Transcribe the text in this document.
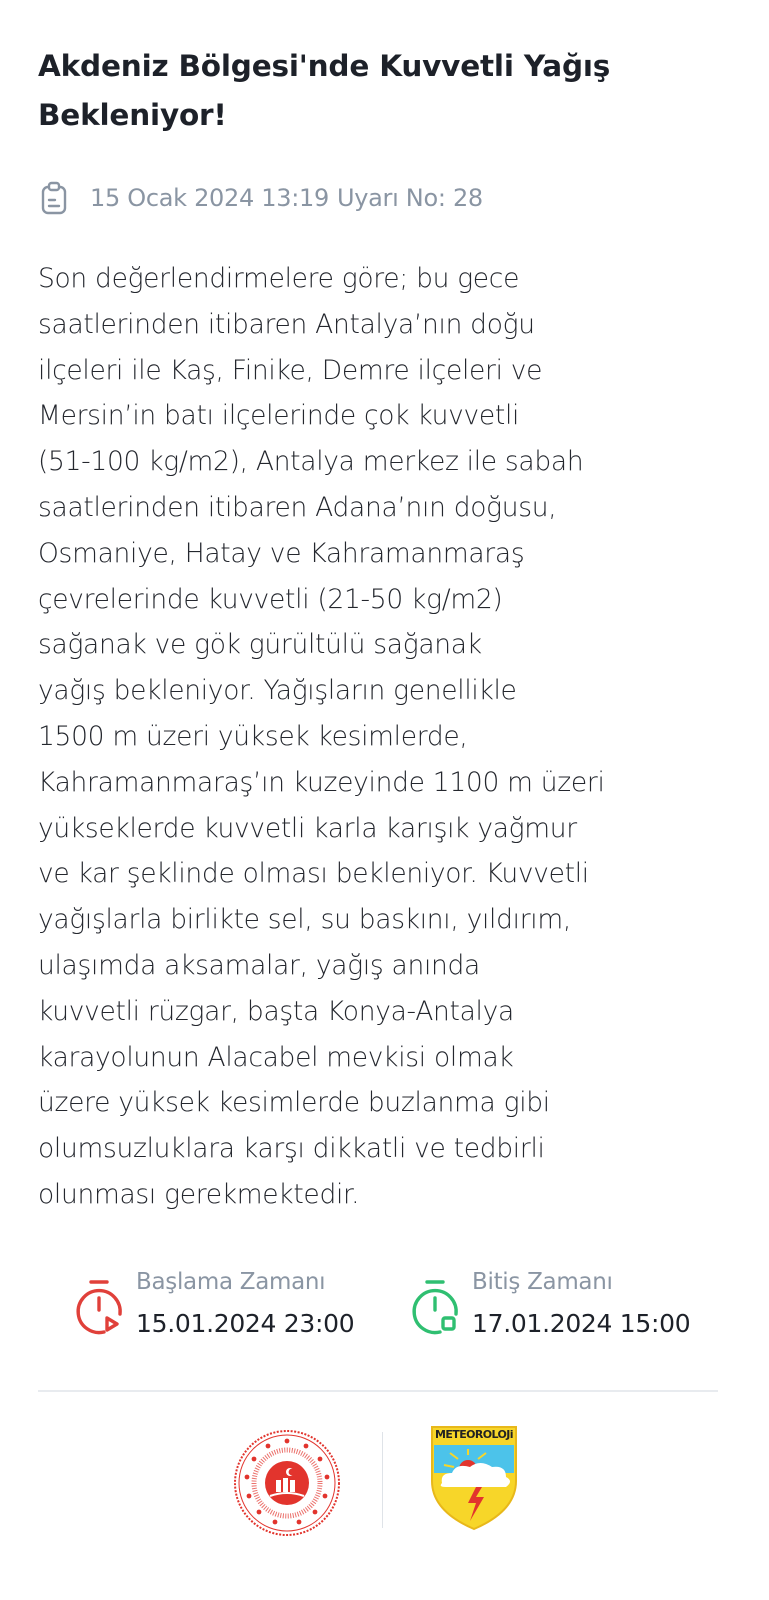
Akdeniz Bölgesi'nde Kuvvetli Yağış
Bekleniyor!
15 Ocak 2024 13:19 Uyarı No: 28
Son değerlendirmelere göre; bu gece
saatlerinden itibaren Antalya’nın doğu
ilçeleri ile Kaş, Finike, Demre ilçeleri ve
Mersin’in batı ilçelerinde çok kuvvetli
(51-100 kg/m2), Antalya merkez ile sabah
saatlerinden itibaren Adana’nın doğusu,
Osmaniye, Hatay ve Kahramanmaraş
çevrelerinde kuvvetli (21-50 kg/m2)
sağanak ve gök gürültülü sağanak
yağış bekleniyor. Yağışların genellikle
1500 m üzeri yüksek kesimlerde,
Kahramanmaraş’ın kuzeyinde 1100 m üzeri
yükseklerde kuvvetli karla karışık yağmur
ve kar şeklinde olması bekleniyor. Kuvvetli
yağışlarla birlikte sel, su baskını, yıldırım,
ulaşımda aksamalar, yağış anında
kuvvetli rüzgar, başta Konya-Antalya
karayolunun Alacabel mevkisi olmak
üzere yüksek kesimlerde buzlanma gibi
olumsuzluklara karşı dikkatli ve tedbirli
olunması gerekmektedir.
Başlama Zamanı
15.01.2024 23:00
Bitiş Zamanı
17.01.2024 15:00
METEOROLOJi
